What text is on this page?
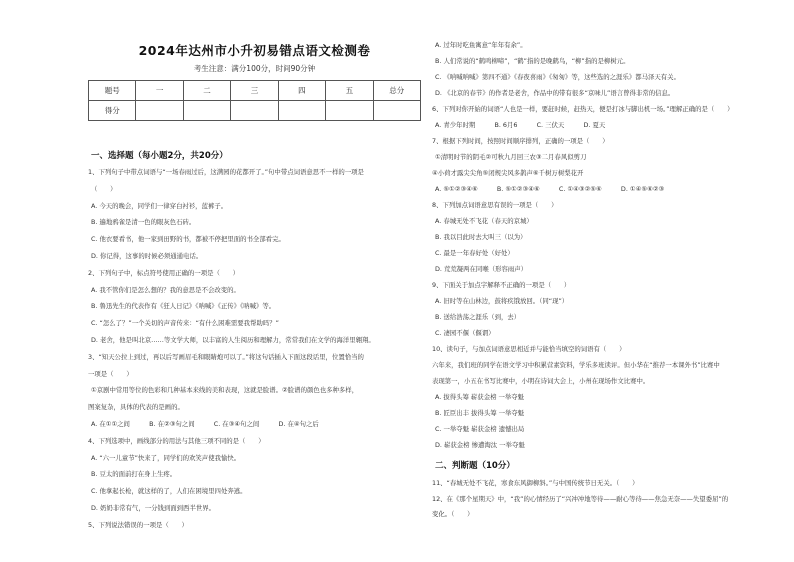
2024年达州市小升初易错点语文检测卷
考生注意：满分100分，时间90分钟
题号	一	二	三	四	五	总分
得分						
一、选择题（每小题2分，共20分）
1、下列句子中带点词语与“一场春雨过后，这满园的花都开了。”句中带点词语意思不一样的一项是
（　　）
A. 今天的晚会，同学们一律穿白衬衫，蓝裤子。
B. 遍地鸦雀是清一色的眼灰色石砖。
C. 他衣要看书，他一家到田野的书，都被不停把里面的书全部看完。
D. 你记得，这事的时候必须通通电话。
2、下列句子中，标点符号使用正确的一项是（　　）
A. 我不管你们是怎么想的？我的意思是不会改变的。
B. 鲁迅先生的代表作有《狂人日记》《呐喊》《正传》《呐喊》等。
C. “怎么了？”一个关切的声音传来：“有什么困难需要我帮助吗？”
D. 老舍，他是叫北京……等文学大师，以丰富的人生阅历和理解力，常常我们在文学的海洋里翱翔。
3、“知天公拉上到过，再以后写画眉毛和眼睛炮可以了。”将这句话插入下面这段话里，位置恰当的
一项是（　　）
①京剧中常用等位的色彩和几种基本来线的美和表现，这就是脸谱。②脸谱的颜色也多种多样，
图案复杂，具体的代表的是画的。
A. 在①①之间　　　B. 在②③句之间　　　C. 在③④句之间　　　D. 在④句之后
4、下列选项中，画线部分的用法与其他三项不同的是（　　）
A. “六一儿童节”快来了，同学们的欢笑声使我愉快。
B. 豆太的面前打在身上生疼。
C. 他拿起长枪，就这样的了，人们在困境里四处奔逃。
D. 奶奶非常有气，一分钱到面到西半世界。
5、下列说法错误的一项是（　　）
A. 过年时吃鱼寓意“年年有余”。
B. 人们常说的“鹤鸣柳啼”，“鹤”指的是晚鹤鸟，“柳”指的是柳树元。
C. 《呐喊呐喊》第四不通》《春夜喜雨》《匆匆》等，这些选的之涯乐》都马泽天有关。
D. 《北京的春节》的作者是老舍，作品中的带有很多“京味儿”语言曾得非常的信息。
6、下列对你开始的词语“人也是一样，要赶时候，赶热天，便是打冰与脚出机一场。”理解正确的是（　　）
A. 青少年时期　　　B. 6月6　　　C. 三伏天　　　D. 夏天
7、根据下列时间，按照时间顺序排列，正确的一项是（　　）
①清明时节的阴毛②可秋九月回三农③二月春风似剪刀
④小荷才露尖尖角⑤闭规尖风多鹊声⑥千树万树梨花开
A. ⑤①②③④⑥　　　B. ⑤①②③④⑥　　　C. ①④③②⑤⑥　　　D. ①④⑤⑥②③
8、下列加点词语意思有误的一项是（　　）
A. 春城无处不飞花（春天的京城）
B. 我以目此时去大叫三（以为）
C. 最是一年春好处（好处）
D. 荒荒凝两在同喉（形容雨声）
9、下面关于加点字解释不正确的一项是（　　）
A. 旧时等在山林边，鼓将疾饿放回。（同“现”）
B. 送给浩荡之涯乐（到，去）
C. 凄园不偃（偃谓）
10、读句子，与加点词语意思相近并与能恰当填空的词语有（　　）
六年来，我们班的同学在语文学习中积累营素资料，学乐多班读评。但小华在“推荐一本课外书”比赛中
表现第一，小五在书写比赛中，小明在诗词大会上，小州在现场作文比赛中。
A. 拔得头筹 崭获金榜 一举夺魁
B. 匠臣出丰 拔得头筹 一举夺魁
C. 一举夺魁 崭获金榜 遗憾出局
D. 崭获金榜 惨遭淘汰 一举夺魁
二、判断题（10分）
11、“春城无处不飞花，寒食东风御柳斜。”与中国传统节日无关。（　　）
12、在《那个星期天》中，“我”的心情经历了“兴冲冲地等待——耐心等待——焦急无奈——失望委屈”的
变化。（　　）
